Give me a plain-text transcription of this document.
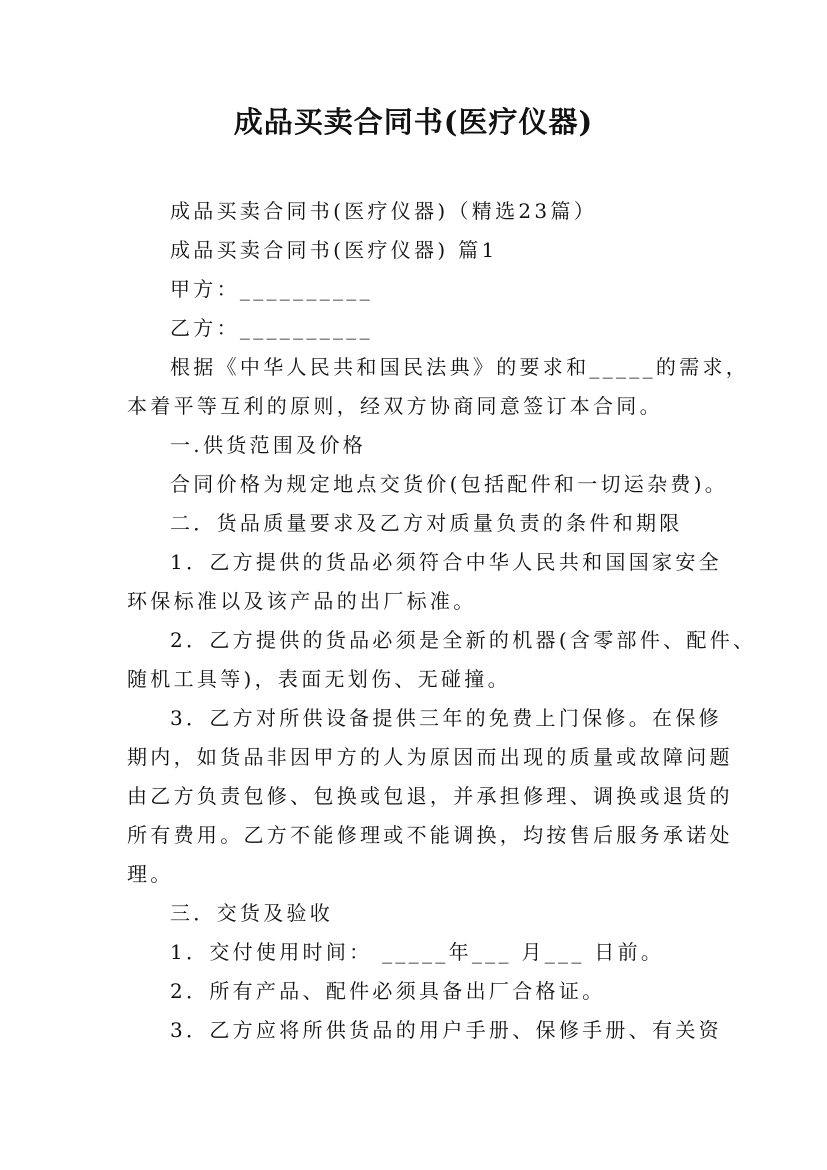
成品买卖合同书(医疗仪器)
成品买卖合同书(医疗仪器)（精选23篇）
成品买卖合同书(医疗仪器) 篇1
甲方：__________
乙方：__________
根据《中华人民共和国民法典》的要求和_____的需求，
本着平等互利的原则，经双方协商同意签订本合同。
一.供货范围及价格
合同价格为规定地点交货价(包括配件和一切运杂费)。
二．货品质量要求及乙方对质量负责的条件和期限
1．乙方提供的货品必须符合中华人民共和国国家安全
环保标准以及该产品的出厂标准。
2．乙方提供的货品必须是全新的机器(含零部件、配件、
随机工具等)，表面无划伤、无碰撞。
3．乙方对所供设备提供三年的免费上门保修。在保修
期内，如货品非因甲方的人为原因而出现的质量或故障问题
由乙方负责包修、包换或包退，并承担修理、调换或退货的
所有费用。乙方不能修理或不能调换，均按售后服务承诺处
理。
三．交货及验收
1．交付使用时间： _____年___ 月___ 日前。
2．所有产品、配件必须具备出厂合格证。
3．乙方应将所供货品的用户手册、保修手册、有关资
